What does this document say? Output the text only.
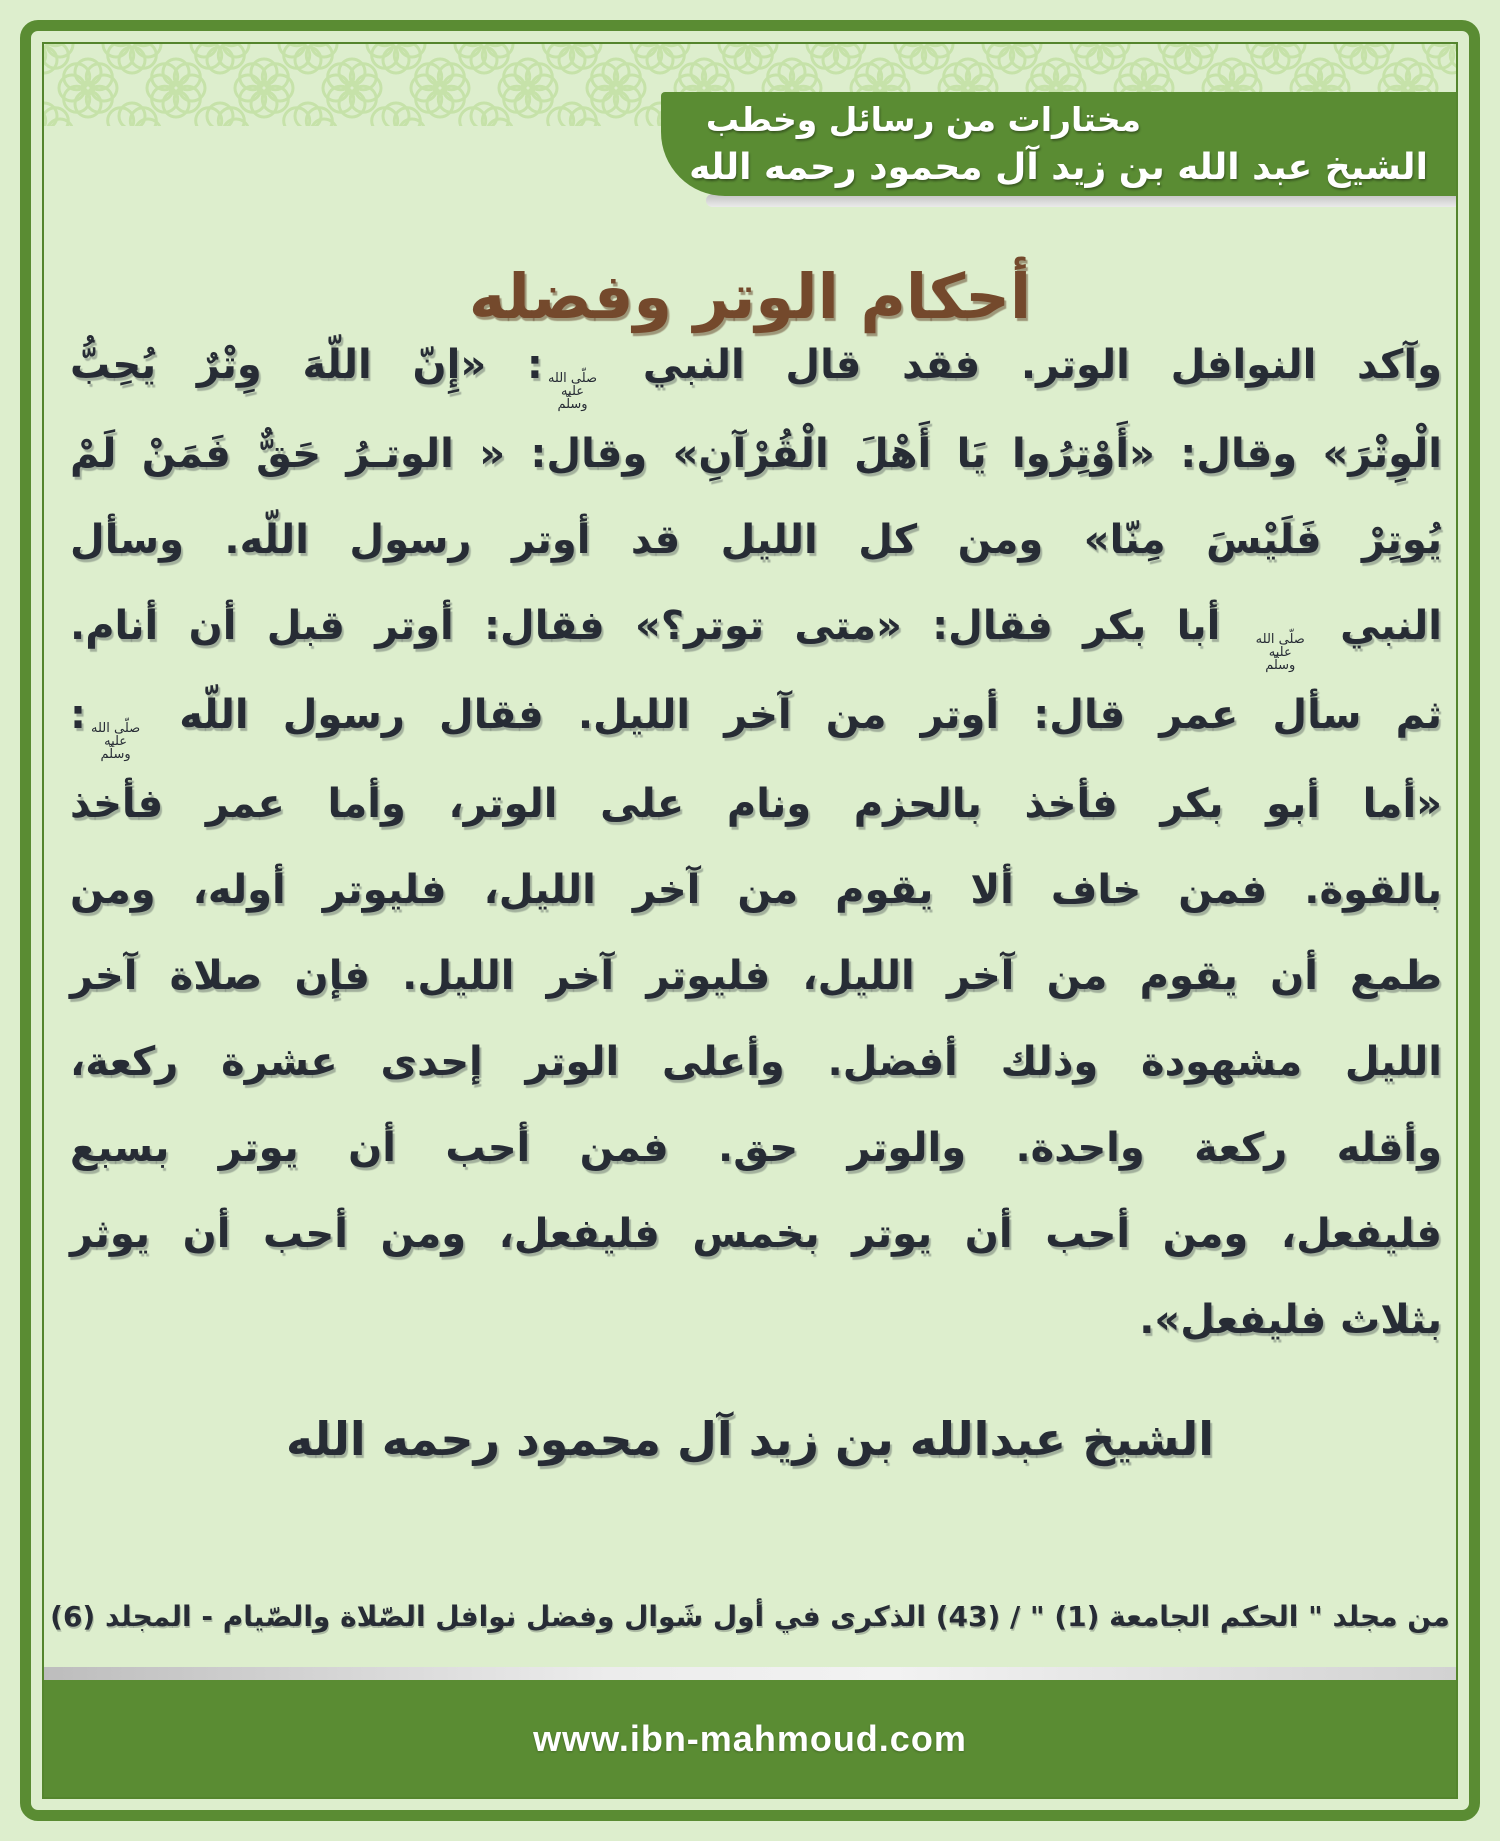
مختارات من رسائل وخطب
الشيخ عبد الله بن زيد آل محمود رحمه الله
أحكام الوتر وفضله
وآكد النوافل الوتر. فقد قال النبي
صلّى الله
عليه
وسلّم
: «إِنّ اللّهَ وِتْرٌ يُحِبُّ
الْوِتْرَ» وقال: «أَوْتِرُوا يَا أَهْلَ الْقُرْآنِ» وقال: « الوتـرُ حَقٌّ فَمَنْ لَمْ
يُوتِرْ فَلَيْسَ مِنّا» ومن كل الليل قد أوتر رسول اللّه. وسأل
النبي
صلّى الله
عليه
وسلّم
أبا بكر فقال: «متى توتر؟» فقال: أوتر قبل أن أنام.
ثم سأل عمر قال: أوتر من آخر الليل. فقال رسول اللّه
صلّى الله
عليه
وسلّم
:
«أما أبو بكر فأخذ بالحزم ونام على الوتر، وأما عمر فأخذ
بالقوة. فمن خاف ألا يقوم من آخر الليل، فليوتر أوله، ومن
طمع أن يقوم من آخر الليل، فليوتر آخر الليل. فإن صلاة آخر
الليل مشهودة وذلك أفضل. وأعلى الوتر إحدى عشرة ركعة،
وأقله ركعة واحدة. والوتر حق. فمن أحب أن يوتر بسبع
فليفعل، ومن أحب أن يوتر بخمس فليفعل، ومن أحب أن يوثر
بثلاث فليفعل».
الشيخ عبدالله بن زيد آل محمود رحمه الله
من مجلد " الحكم الجامعة (1) " / (43) الذكرى في أول شَوال وفضل نوافل الصّلاة والصّيام - المجلد (6)
www.ibn-mahmoud.com
